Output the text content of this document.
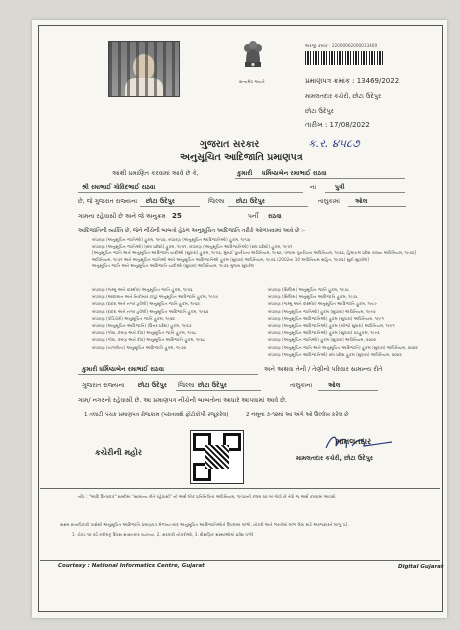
સત્યમેવ જયતે
અરજી ક્રમાંક : 22000062000013469
પ્રમાણપત્ર ક્રમાંક : 13469/2022
મામલતદાર કચેરી, છોટા ઉદેપુર
છોટા ઉદેપુર
તારીખ : 17/08/2022
ક.ર. ૪૫૮૭
ગુજરાત સરકાર
અનુસૂચિત આદિજાતિ પ્રમાણપત્ર
આથી પ્રમાણિત કરવામાં આવે છે કે,	કુમારી ધર્મિષ્ઠાબેન રમાભાઈ રાઠવા
શ્રી રમાભાઈ ગોવિંદભાઈ રાઠવા	ના	પુત્રી
છે, જે ગુજરાત રાજ્યના છોટા ઉદેપુર	જિલ્લા છોટા ઉદેપુર	તાલુકામાં ઓલ
ગામના રહેવાસી છે અને જે અનુક્રમ 25	પર્ની રાઠવા
આદિજાતિની વ્યક્તિ છે, જેને નીચેની બાબતો હેઠળ અનુસૂચિત આદિજાતિ તરીકે ઓળખવામાં આવે છે :-
બંધારણ (અનુસૂચિત જાતિઓ) હુકમ, ૧૯૫૦, બંધારણ (અનુસૂચિત આદિજાતિઓ) હુકમ, ૧૯૫૦
બંધારણ (અનુસૂચિત જાતિઓ) (સંઘ પ્રદેશો) હુકમ, ૧૯૫૧, બંધારણ (અનુસૂચિત આદિજાતિઓ) (સંઘ પ્રદેશો) હુકમ, ૧૯૫૧
[અનુસૂચિત જાતિ અને અનુસૂચિત આદિજાતિ યાદીઓ (સુધારા) હુકમ, ૧૯૫૬, મુંબઈ પુનર્રચના અધિનિયમ, ૧૯૬૦, પંજાબ પુનર્રચના અધિનિયમ, ૧૯૬૬, હિમાચલ પ્રદેશ રાજ્ય અધિનિયમ, ૧૯૭૦]
અધિનિયમ, ૧૯૭૧ અને અનુસૂચિત જાતિઓ અને અનુસૂચિત આદિજાતિઓ હુકમ (સુધારા) અધિનિયમ, ૧૯૭૬ (2002ના 10 અધિનિયમ સહિત, ૧૯૭૬) સુધી સુધારેલ]
અનુસૂચિત જાતિ અને અનુસૂચિત આદિજાતિ યાદીઓ (સુધારા) અધિનિયમ, ૧૯૭૬ મુજબ સુધારેલ
બંધારણ (જમ્મુ અને કાશ્મીર) અનુસૂચિત જાતિ હુકમ, ૧૯૫૬
બંધારણ (આંદામાન અને નિકોબાર ટાપુ) અનુસૂચિત આદિજાતિ હુકમ, ૧૯૫૯
બંધારણ (દાદરા અને નગર હવેલી) અનુસૂચિત જાતિ હુકમ, ૧૯૬૨
બંધારણ (દાદરા અને નગર હવેલી) અનુસૂચિત આદિજાતિ હુકમ, ૧૯૬૨
બંધારણ (પોંડિચેરી) અનુસૂચિત જાતિ હુકમ, ૧૯૬૪
બંધારણ (અનુસૂચિત આદિજાતિ) (ઉત્તર પ્રદેશ) હુકમ, ૧૯૬૭
બંધારણ (ગોવા, દમણ અને દીવ) અનુસૂચિત જાતિ હુકમ, ૧૯૬૮
બંધારણ (ગોવા, દમણ અને દીવ) અનુસૂચિત આદિજાતિ હુકમ, ૧૯૬૮
બંધારણ (નાગાલેન્ડ) અનુસૂચિત આદિજાતિ હુકમ, ૧૯૭૦
બંધારણ (સિક્કિમ) અનુસૂચિત જાતિ હુકમ, ૧૯૭૮
બંધારણ (સિક્કિમ) અનુસૂચિત આદિજાતિ હુકમ, ૧૯૭૮
બંધારણ (જમ્મુ અને કાશ્મીર) અનુસૂચિત આદિજાતિ હુકમ, ૧૯૮૯
બંધારણ (અનુસૂચિત જાતિઓ) હુકમ (સુધારા) અધિનિયમ, ૧૯૯૦
બંધારણ (અનુસૂચિત આદિજાતિઓ) હુકમ (સુધારા) અધિનિયમ, ૧૯૯૧
બંધારણ (અનુસૂચિત આદિજાતિઓ) હુકમ (બીજો સુધારા) અધિનિયમ, ૧૯૯૧
બંધારણ (અનુસૂચિત આદિજાતિઓ) હુકમ (સુધારા) વટહુકમ, ૧૯૯૬
બંધારણ (અનુસૂચિત જાતિઓ) હુકમ (સુધારા) અધિનિયમ, ૨૦૦૨
બંધારણ (અનુસૂચિત જાતિ અને અનુસૂચિત આદિજાતિ) હુકમ (સુધારા) અધિનિયમ, ૨૦૦૨
બંધારણ (અનુસૂચિત આદિજાતિઓ) સંઘ પ્રદેશ હુકમ (સુધારા) અધિનિયમ, ૨૦૦૨
કુમારી ધર્મિષ્ઠાબેન રમાભાઈ રાઠવા	અને અથવા તેની / તેણીનો પરિવાર સામાન્ય રીતે
ગુજરાત રાજ્યના છોટા ઉદેપુર જિલ્લા છોટા ઉદેપુર	તાલુકાના	ઓલ
ગામ/ નગરનો રહેવાસી છે. આ પ્રમાણપત્ર નીચેની બાબતોના આધારે આપવામાં આવે છે.
1 તલાટી પંચક પ્રમાણપત્ર રોજકામ (પરાતાવશે ફોટોકોપી રજૂકરેલ)	2 નમૂના ૭-૧૨માં આ અંગે ઓ ઉલ્લેખ કરેલ છે
કચેરીની મહોર
મામલતદાર
મામલતદાર કચેરી, છોટા ઉદેપુર
નોંધ : "આદિ ઉત્પાદક" શબ્દોમાં "સામાન્ય રીતે રહેવાસી" નો અર્થ લોક પ્રતિનિધિત્વ અધિનિયમ, ૧૯૫૦ની કલમ ૨૦ માં જેવો છે તેવો જ અર્થ કરવામાં આવશે.
સક્ષમ સત્તાધિકારી પાસેથી અનુસૂચિત આદિજાતિ પ્રમાણપત્ર મેળવ્યા બાદ અનુસૂચિત આદિજાતિઓને ઉપલબ્ધ લાભો, નોકરી અને ભરતીમાં લાભ લેવા માટે અરજદારને લાગુ પડે.
1. ચેક્ડ ૧૦ વર્ષ કરીમકૃ દિવસ સાક્ષાત્કાર વ્યાખ્યા, 2. સરકારી નોકરીઓ, 3. શૈક્ષણિક સંસ્થાઓમાં પ્રવેશ વગેરે
Courtesy : National Informatics Centre, Gujarat	Digital Gujarat
